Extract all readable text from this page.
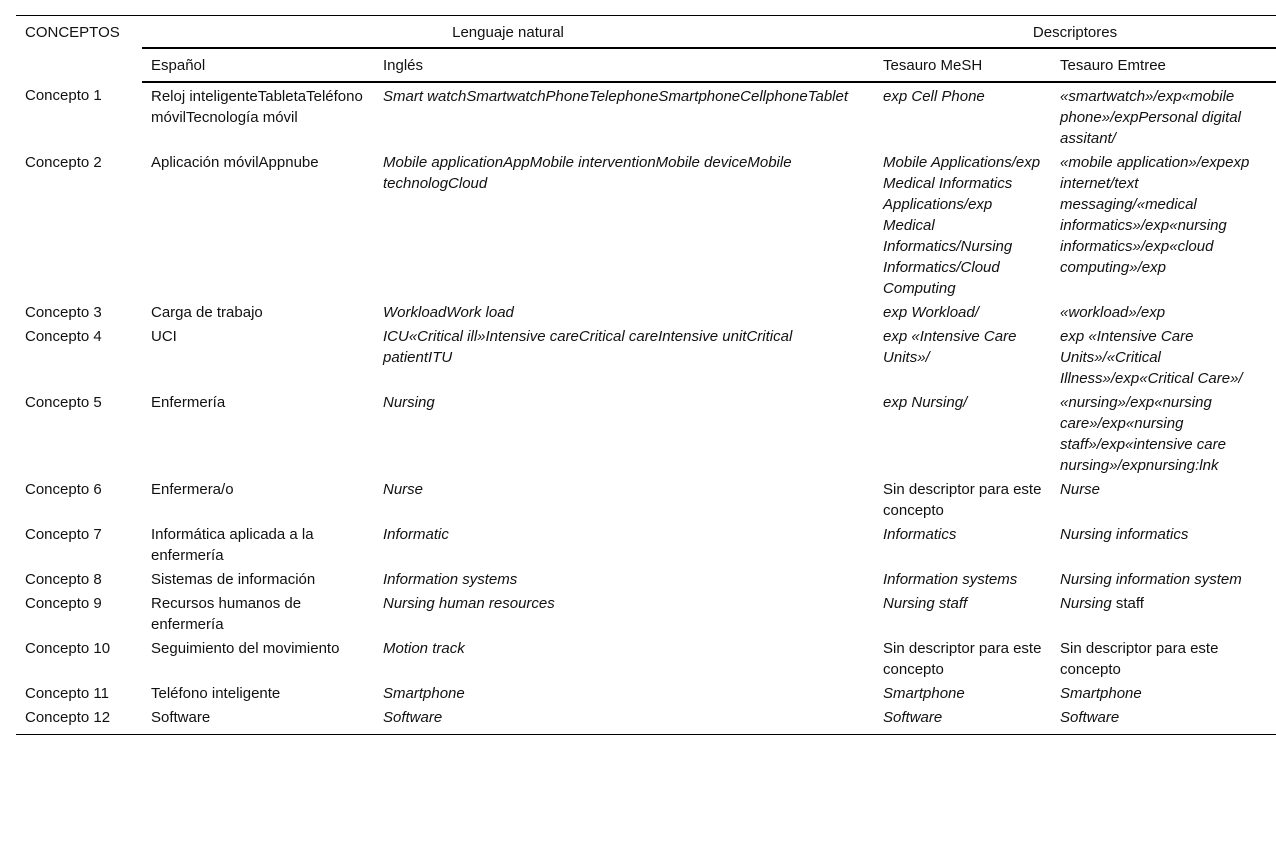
CONCEPTOS	Lenguaje natural		Descriptores	
	Español	Inglés	Tesauro MeSH	Tesauro Emtree
Concepto 1	Reloj inteligenteTabletaTeléfono móvilTecnología móvil	Smart watchSmartwatchPhoneTelephoneSmartphoneCellphoneTablet	exp Cell Phone	«smartwatch»/exp«mobile phone»/expPersonal digital assitant/
Concepto 2	Aplicación móvilAppnube	Mobile applicationAppMobile interventionMobile deviceMobile technologCloud	Mobile Applications/exp Medical Informatics Applications/exp Medical Informatics/Nursing Informatics/Cloud Computing	«mobile application»/expexp internet/text messaging/«medical informatics»/exp«nursing informatics»/exp«cloud computing»/exp
Concepto 3	Carga de trabajo	WorkloadWork load	exp Workload/	«workload»/exp
Concepto 4	UCI	ICU«Critical ill»Intensive careCritical careIntensive unitCritical patientITU	exp «Intensive Care Units»/	exp «Intensive Care Units»/«Critical Illness»/exp«Critical Care»/
Concepto 5	Enfermería	Nursing	exp Nursing/	«nursing»/exp«nursing care»/exp«nursing staff»/exp«intensive care nursing»/expnursing:lnk
Concepto 6	Enfermera/o	Nurse	Sin descriptor para este concepto	Nurse
Concepto 7	Informática aplicada a la enfermería	Informatic	Informatics	Nursing informatics
Concepto 8	Sistemas de información	Information systems	Information systems	Nursing information system
Concepto 9	Recursos humanos de enfermería	Nursing human resources	Nursing staff	Nursing staff
Concepto 10	Seguimiento del movimiento	Motion track	Sin descriptor para este concepto	Sin descriptor para este concepto
Concepto 11	Teléfono inteligente	Smartphone	Smartphone	Smartphone
Concepto 12	Software	Software	Software	Software
